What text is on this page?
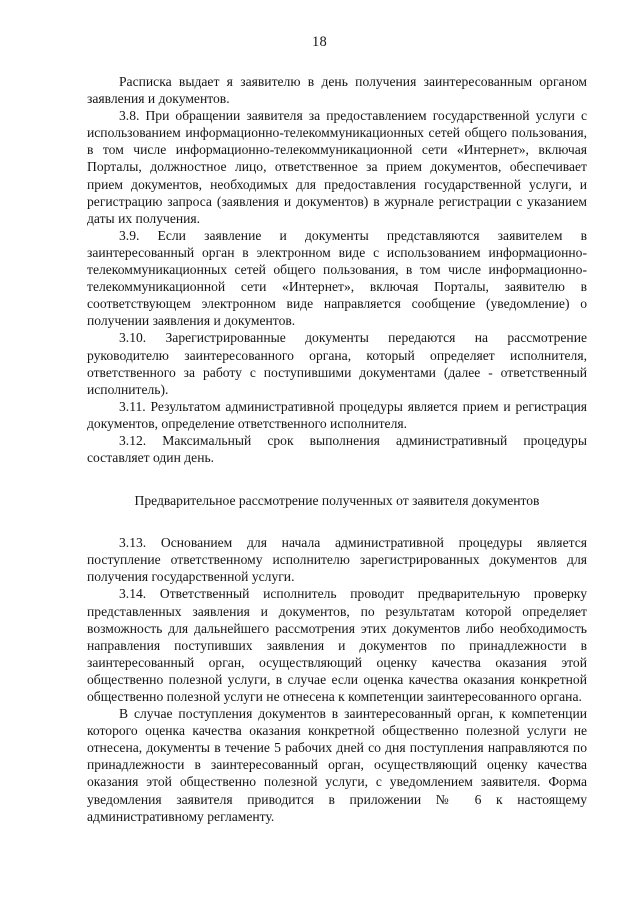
18

Расписка выдает я заявителю в день получения заинтересованным органом заявления и документов.

3.8. При обращении заявителя за предоставлением государственной услуги с использованием информационно-телекоммуникационных сетей общего пользования, в том числе информационно-телекоммуникационной сети «Интернет», включая Порталы, должностное лицо, ответственное за прием документов, обеспечивает прием документов, необходимых для предоставления государственной услуги, и регистрацию запроса (заявления и документов) в журнале регистрации с указанием даты их получения.

3.9. Если заявление и документы представляются заявителем в заинтересованный орган в электронном виде с использованием информационно-телекоммуникационных сетей общего пользования, в том числе информационно-телекоммуникационной сети «Интернет», включая Порталы, заявителю в соответствующем электронном виде направляется сообщение (уведомление) о получении заявления и документов.

3.10. Зарегистрированные документы передаются на рассмотрение руководителю заинтересованного органа, который определяет исполнителя, ответственного за работу с поступившими документами (далее - ответственный исполнитель).

3.11. Результатом административной процедуры является прием и регистрация документов, определение ответственного исполнителя.

3.12. Максимальный срок выполнения административный процедуры составляет один день.

Предварительное рассмотрение полученных от заявителя документов

3.13. Основанием для начала административной процедуры является поступление ответственному исполнителю зарегистрированных документов для получения государственной услуги.

3.14. Ответственный исполнитель проводит предварительную проверку представленных заявления и документов, по результатам которой определяет возможность для дальнейшего рассмотрения этих документов либо необходимость направления поступивших заявления и документов по принадлежности в заинтересованный орган, осуществляющий оценку качества оказания этой общественно полезной услуги, в случае если оценка качества оказания конкретной общественно полезной услуги не отнесена к компетенции заинтересованного органа.

В случае поступления документов в заинтересованный орган, к компетенции которого оценка качества оказания конкретной общественно полезной услуги не отнесена, документы в течение 5 рабочих дней со дня поступления направляются по принадлежности в заинтересованный орган, осуществляющий оценку качества оказания этой общественно полезной услуги, с уведомлением заявителя. Форма уведомления заявителя приводится в приложении № 6 к настоящему административному регламенту.
